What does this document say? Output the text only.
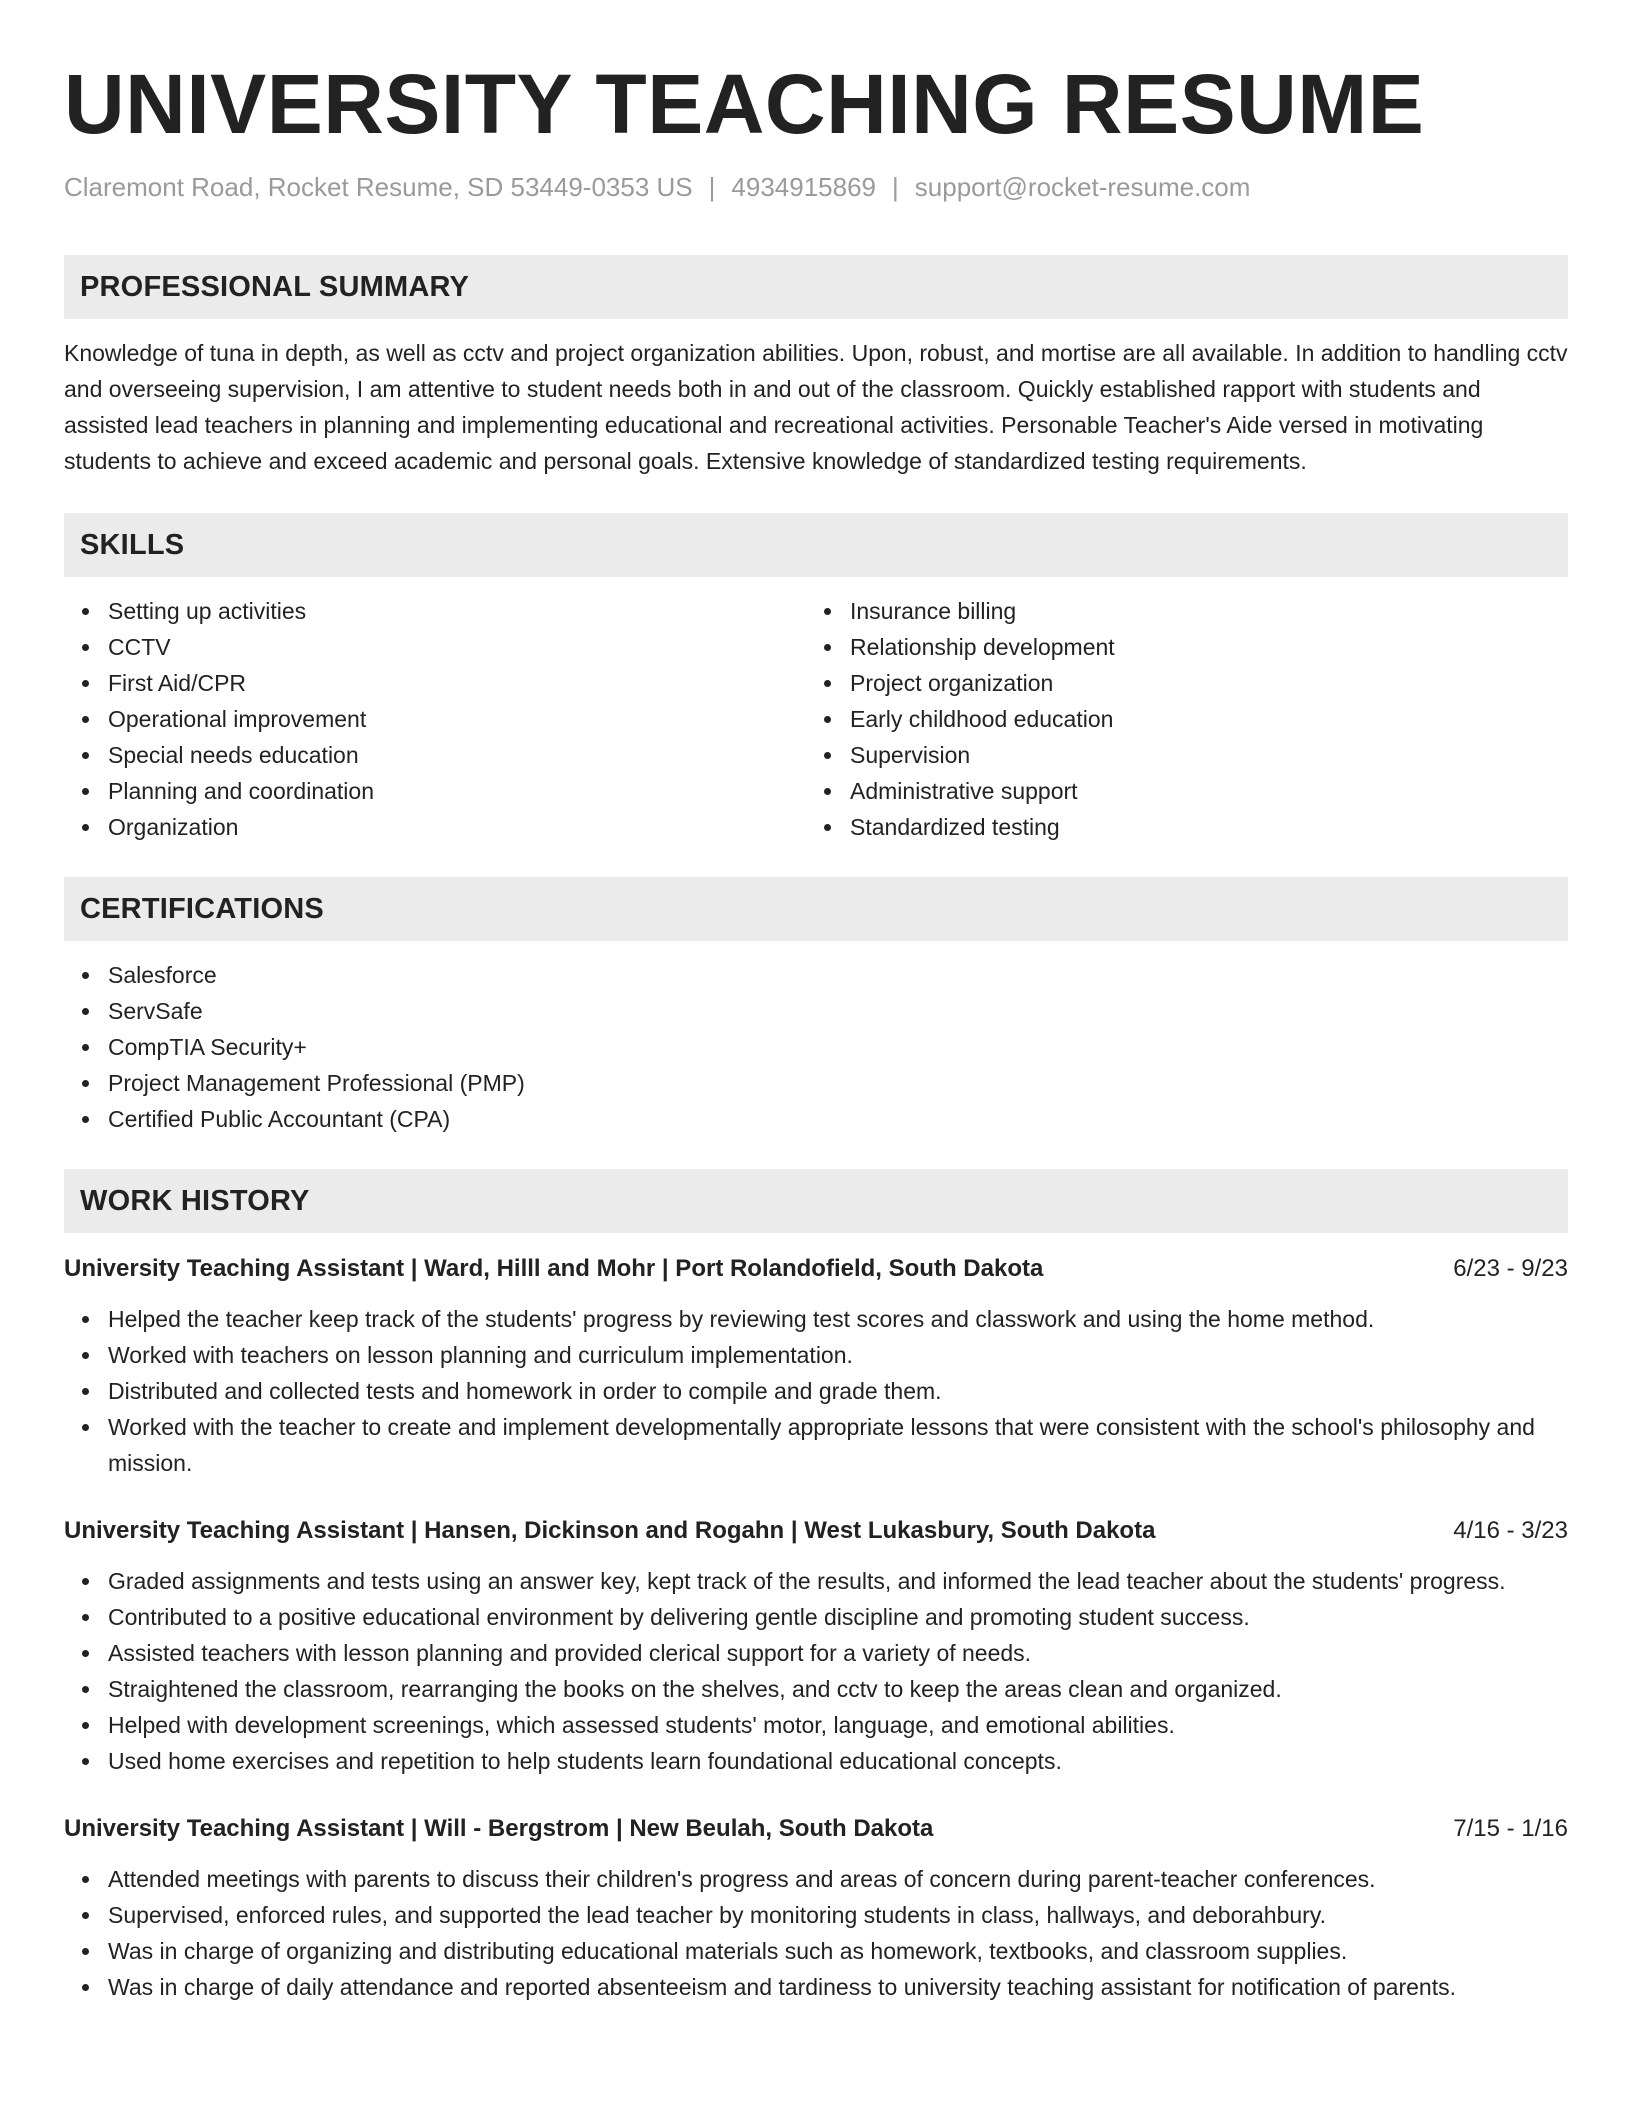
UNIVERSITY TEACHING RESUME
Claremont Road, Rocket Resume, SD 53449-0353 US | 4934915869 | support@rocket-resume.com
PROFESSIONAL SUMMARY

Knowledge of tuna in depth, as well as cctv and project organization abilities. Upon, robust, and mortise are all available. In addition to handling cctv and overseeing supervision, I am attentive to student needs both in and out of the classroom. Quickly established rapport with students and assisted lead teachers in planning and implementing educational and recreational activities. Personable Teacher's Aide versed in motivating students to achieve and exceed academic and personal goals. Extensive knowledge of standardized testing requirements.

SKILLS
Setting up activities
CCTV
First Aid/CPR
Operational improvement
Special needs education
Planning and coordination
Organization
Insurance billing
Relationship development
Project organization
Early childhood education
Supervision
Administrative support
Standardized testing
CERTIFICATIONS
Salesforce
ServSafe
CompTIA Security+
Project Management Professional (PMP)
Certified Public Accountant (CPA)
WORK HISTORY
University Teaching Assistant | Ward, Hilll and Mohr | Port Rolandofield, South Dakota	6/23 - 9/23
Helped the teacher keep track of the students' progress by reviewing test scores and classwork and using the home method.
Worked with teachers on lesson planning and curriculum implementation.
Distributed and collected tests and homework in order to compile and grade them.
Worked with the teacher to create and implement developmentally appropriate lessons that were consistent with the school's philosophy and mission.
University Teaching Assistant | Hansen, Dickinson and Rogahn | West Lukasbury, South Dakota	4/16 - 3/23
Graded assignments and tests using an answer key, kept track of the results, and informed the lead teacher about the students' progress.
Contributed to a positive educational environment by delivering gentle discipline and promoting student success.
Assisted teachers with lesson planning and provided clerical support for a variety of needs.
Straightened the classroom, rearranging the books on the shelves, and cctv to keep the areas clean and organized.
Helped with development screenings, which assessed students' motor, language, and emotional abilities.
Used home exercises and repetition to help students learn foundational educational concepts.
University Teaching Assistant | Will - Bergstrom | New Beulah, South Dakota	7/15 - 1/16
Attended meetings with parents to discuss their children's progress and areas of concern during parent-teacher conferences.
Supervised, enforced rules, and supported the lead teacher by monitoring students in class, hallways, and deborahbury.
Was in charge of organizing and distributing educational materials such as homework, textbooks, and classroom supplies.
Was in charge of daily attendance and reported absenteeism and tardiness to university teaching assistant for notification of parents.
